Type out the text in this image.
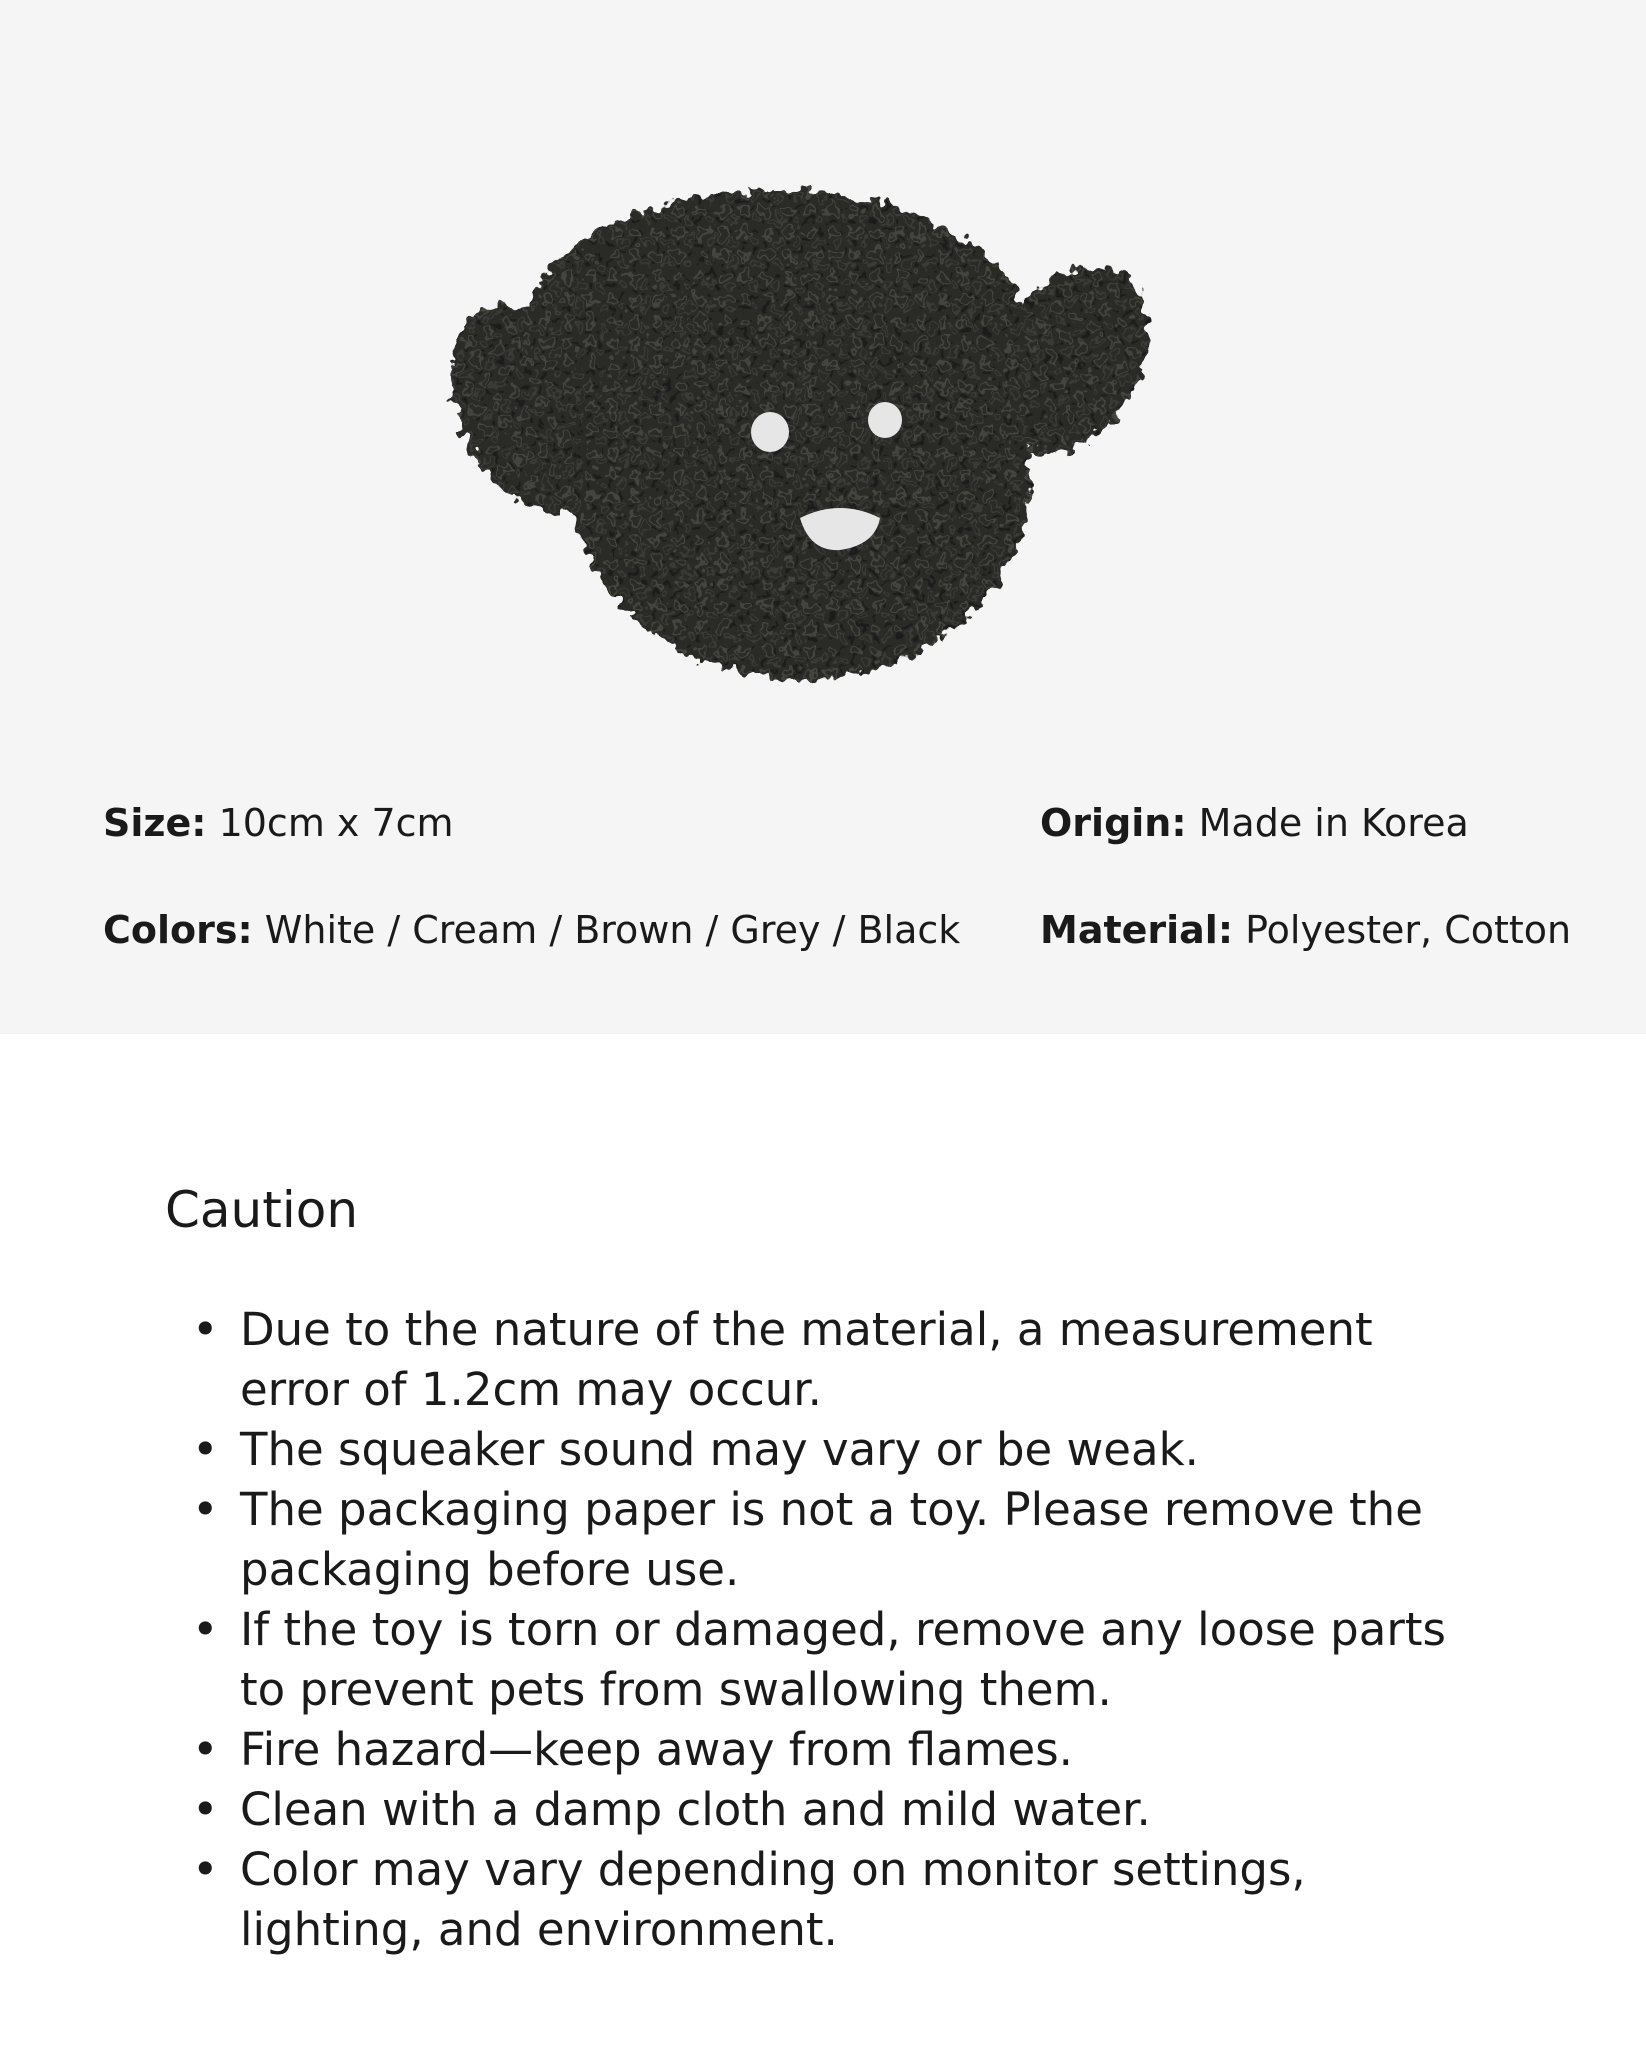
Size: 10cm x 7cm
Colors: White / Cream / Brown / Grey / Black
Origin: Made in Korea
Material: Polyester, Cotton
Caution
• Due to the nature of the material, a measurement error of 1.2cm may occur.
• The squeaker sound may vary or be weak.
• The packaging paper is not a toy. Please remove the packaging before use.
• If the toy is torn or damaged, remove any loose parts to prevent pets from swallowing them.
• Fire hazard—keep away from flames.
• Clean with a damp cloth and mild water.
• Color may vary depending on monitor settings, lighting, and environment.
